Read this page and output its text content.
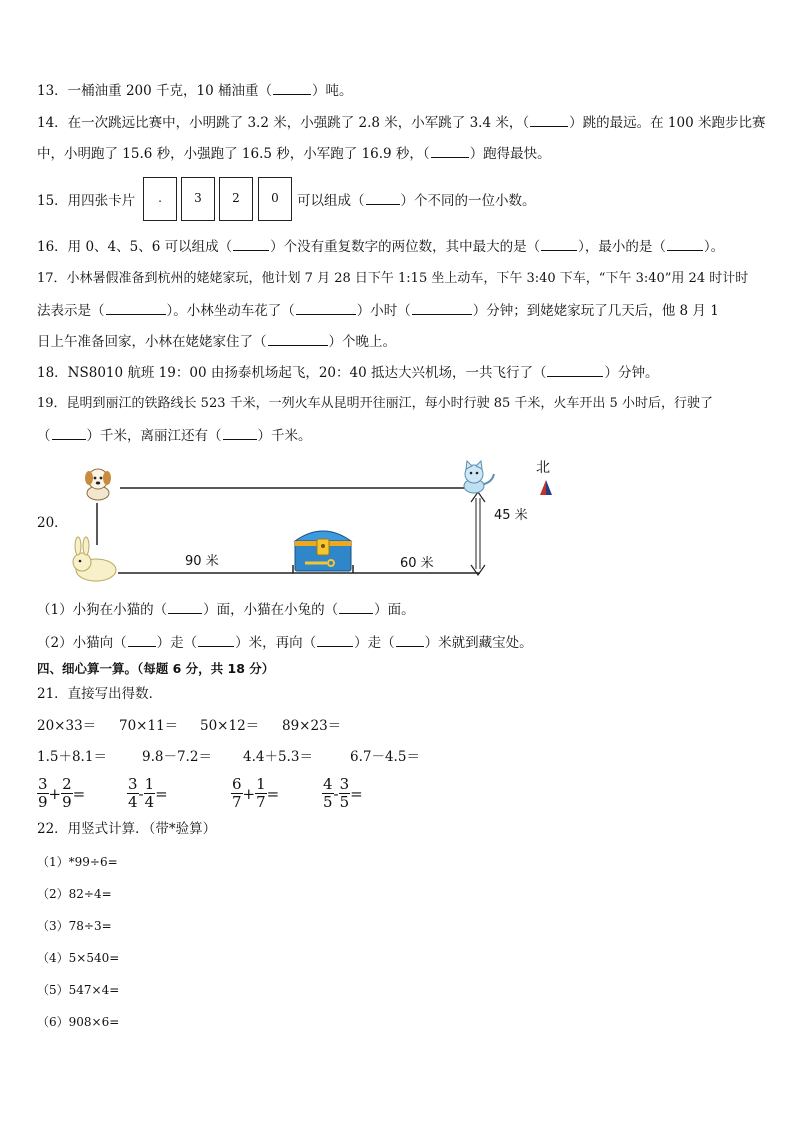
13．一桶油重 200 千克，10 桶油重（	）吨。
14．在一次跳远比赛中，小明跳了 3.2 米，小强跳了 2.8 米，小军跳了 3.4 米，（	）跳的最远。在 100 米跑步比赛
中，小明跑了 15.6 秒，小强跑了 16.5 秒，小军跑了 16.9 秒，（	）跑得最快。
15．用四张卡片	.	3	2	0	可以组成（	）个不同的一位小数。
16．用 0、4、5、6 可以组成（	）个没有重复数字的两位数，其中最大的是（	），最小的是（	）。
17．小林暑假准备到杭州的姥姥家玩，他计划 7 月 28 日下午 1:15 坐上动车，下午 3:40 下车，“下午 3:40”用 24 时计时
法表示是（	）。小林坐动车花了（	）小时（	）分钟；到姥姥家玩了几天后，他 8 月 1
日上午准备回家，小林在姥姥家住了（	）个晚上。
18．NS8010 航班 19：00 由扬泰机场起飞，20：40 抵达大兴机场，一共飞行了（	）分钟。
19．昆明到丽江的铁路线长 523 千米，一列火车从昆明开往丽江，每小时行驶 85 千米，火车开出 5 小时后，行驶了
（	）千米，离丽江还有（	）千米。
20．
北
90 米	60 米
45 米
（1）小狗在小猫的（	）面，小猫在小兔的（	）面。
（2）小猫向（ ）走（	）米，再向（	）走（ ）米就到藏宝处。
四、细心算一算。（每题 6 分，共 18 分）
21．直接写出得数．
20×33＝ 70×11＝ 50×12＝ 89×23＝
1.5＋8.1＝	9.8－7.2＝ 4.4＋5.3＝	6.7－4.5＝
$\frac{3}{9} + \frac{2}{9}$ =	$\frac{3}{4} - \frac{1}{4}$ =	$\frac{6}{7} + \frac{1}{7}$ =	$\frac{4}{5} - \frac{3}{5}$ =
22．用竖式计算．（带*验算）
（1）*99÷6=
（2）82÷4=
（3）78÷3=
（4）5×540=
（5）547×4=
（6）908×6=
